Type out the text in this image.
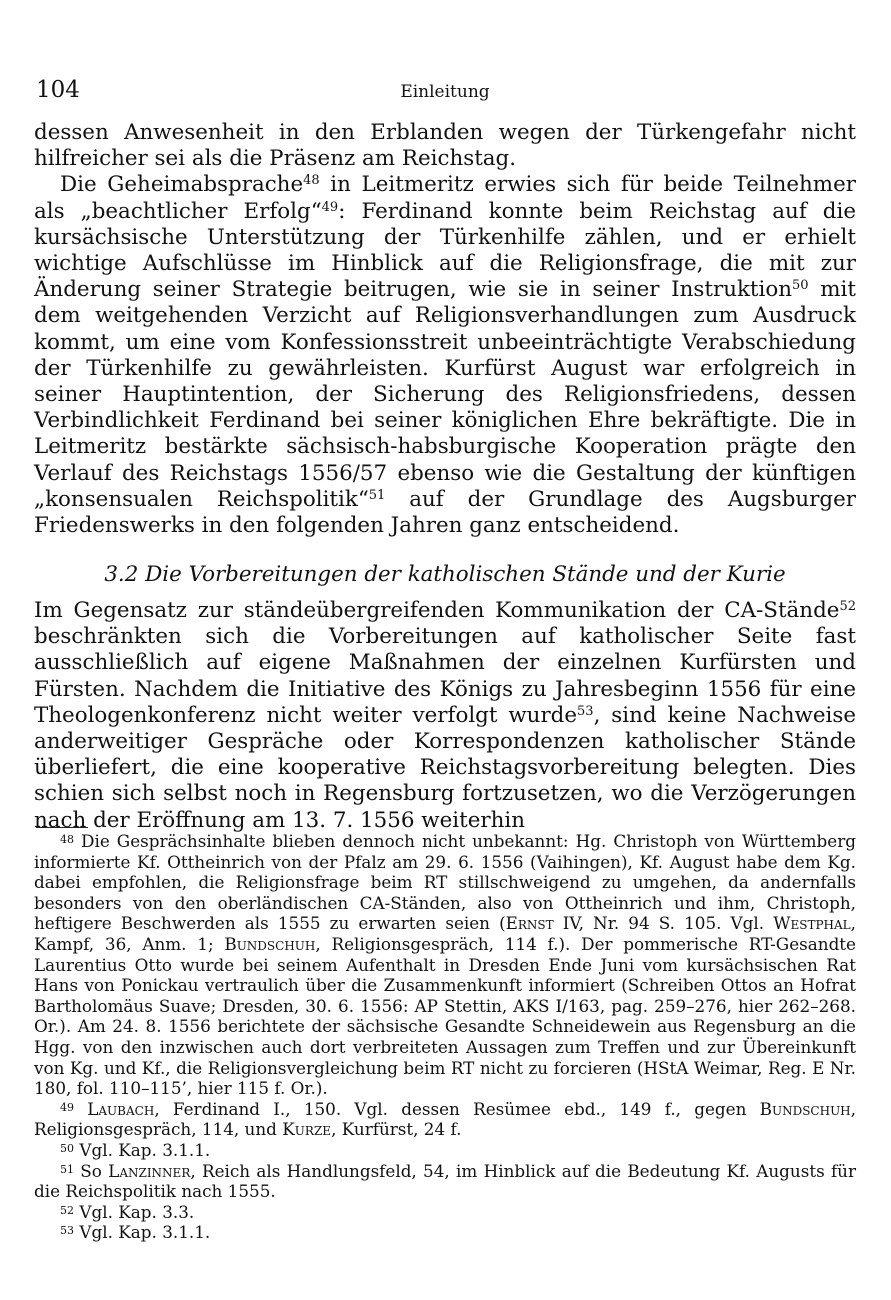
104	Einleitung

dessen Anwesenheit in den Erblanden wegen der Türkengefahr nicht hilfreicher sei als die Präsenz am Reichstag.

Die Geheimabsprache$^{48}$ in Leitmeritz erwies sich für beide Teilnehmer als „beachtlicher Erfolg“$^{49}$: Ferdinand konnte beim Reichstag auf die kursächsische Unterstützung der Türkenhilfe zählen, und er erhielt wichtige Aufschlüsse im Hinblick auf die Religionsfrage, die mit zur Änderung seiner Strategie beitrugen, wie sie in seiner Instruktion$^{50}$ mit dem weitgehenden Verzicht auf Religionsverhandlungen zum Ausdruck kommt, um eine vom Konfessionsstreit unbeeinträchtigte Verabschiedung der Türkenhilfe zu gewährleisten. Kurfürst August war erfolgreich in seiner Hauptintention, der Sicherung des Religionsfriedens, dessen Verbindlichkeit Ferdinand bei seiner königlichen Ehre bekräftigte. Die in Leitmeritz bestärkte sächsisch-habsburgische Kooperation prägte den Verlauf des Reichstags 1556/57 ebenso wie die Gestaltung der künftigen „konsensualen Reichspolitik“$^{51}$ auf der Grundlage des Augsburger Friedenswerks in den folgenden Jahren ganz entscheidend.

3.2 Die Vorbereitungen der katholischen Stände und der Kurie

Im Gegensatz zur ständeübergreifenden Kommunikation der CA-Stände$^{52}$ beschränkten sich die Vorbereitungen auf katholischer Seite fast ausschließlich auf eigene Maßnahmen der einzelnen Kurfürsten und Fürsten. Nachdem die Initiative des Königs zu Jahresbeginn 1556 für eine Theologenkonferenz nicht weiter verfolgt wurde$^{53}$, sind keine Nachweise anderweitiger Gespräche oder Korrespondenzen katholischer Stände überliefert, die eine kooperative Reichstagsvorbereitung belegten. Dies schien sich selbst noch in Regensburg fortzusetzen, wo die Verzögerungen nach der Eröffnung am 13. 7. 1556 weiterhin

$^{48}$ Die Gesprächsinhalte blieben dennoch nicht unbekannt: Hg. Christoph von Württemberg informierte Kf. Ottheinrich von der Pfalz am 29. 6. 1556 (Vaihingen), Kf. August habe dem Kg. dabei empfohlen, die Religionsfrage beim RT stillschweigend zu umgehen, da andernfalls besonders von den oberländischen CA-Ständen, also von Ottheinrich und ihm, Christoph, heftigere Beschwerden als 1555 zu erwarten seien (Ernst IV, Nr. 94 S. 105. Vgl. Westphal, Kampf, 36, Anm. 1; Bundschuh, Religionsgespräch, 114 f.). Der pommerische RT-Gesandte Laurentius Otto wurde bei seinem Aufenthalt in Dresden Ende Juni vom kursächsischen Rat Hans von Ponickau vertraulich über die Zusammenkunft informiert (Schreiben Ottos an Hofrat Bartholomäus Suave; Dresden, 30. 6. 1556: AP Stettin, AKS I/163, pag. 259–276, hier 262–268. Or.). Am 24. 8. 1556 berichtete der sächsische Gesandte Schneidewein aus Regensburg an die Hgg. von den inzwischen auch dort verbreiteten Aussagen zum Treffen und zur Übereinkunft von Kg. und Kf., die Religionsvergleichung beim RT nicht zu forcieren (HStA Weimar, Reg. E Nr. 180, fol. 110–115’, hier 115 f. Or.).

$^{49}$ Laubach, Ferdinand I., 150. Vgl. dessen Resümee ebd., 149 f., gegen Bundschuh, Religionsgespräch, 114, und Kurze, Kurfürst, 24 f.

$^{50}$ Vgl. Kap. 3.1.1.

$^{51}$ So Lanzinner, Reich als Handlungsfeld, 54, im Hinblick auf die Bedeutung Kf. Augusts für die Reichspolitik nach 1555.

$^{52}$ Vgl. Kap. 3.3.

$^{53}$ Vgl. Kap. 3.1.1.
